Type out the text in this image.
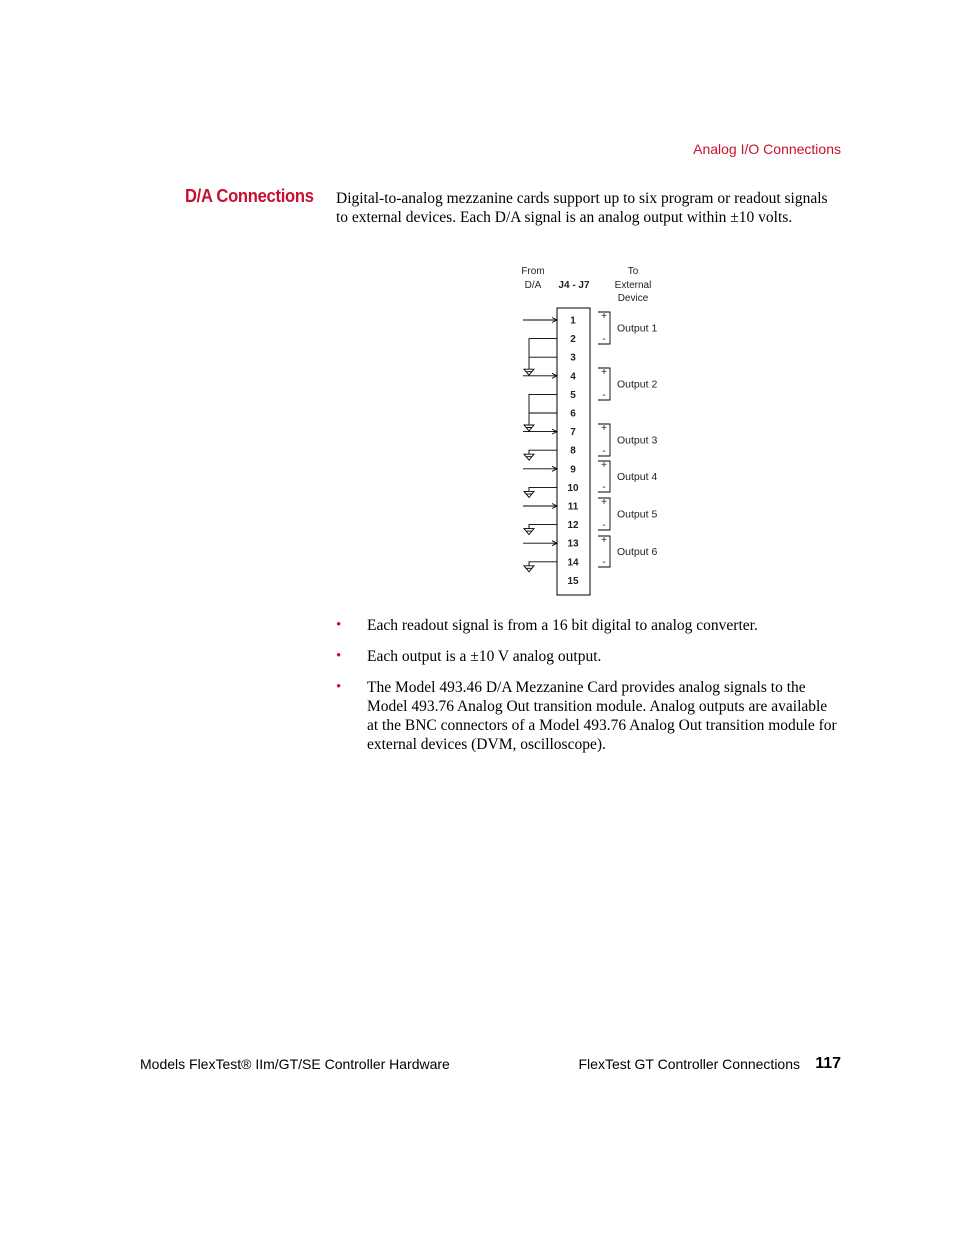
Analog I/O Connections
D/A Connections Digital-to-analog mezzanine cards support up to six program or readout signals to external devices. Each D/A signal is an analog output within ±10 volts.

From
D/A J4 - J7
To
External
Device
1
2
3
4
5
6
7
8
9
10
11
12
13
14
15
+
-
Output 1
+
-
Output 2
+
-
Output 3
+
-
Output 4
+
-
Output 5
+
-
Output 6
• Each readout signal is from a 16 bit digital to analog converter.
• Each output is a ±10 V analog output.
• The Model 493.46 D/A Mezzanine Card provides analog signals to the Model 493.76 Analog Out transition module. Analog outputs are available at the BNC connectors of a Model 493.76 Analog Out transition module for external devices (DVM, oscilloscope).
Models FlexTest® IIm/GT/SE Controller Hardware	FlexTest GT Controller Connections 117
